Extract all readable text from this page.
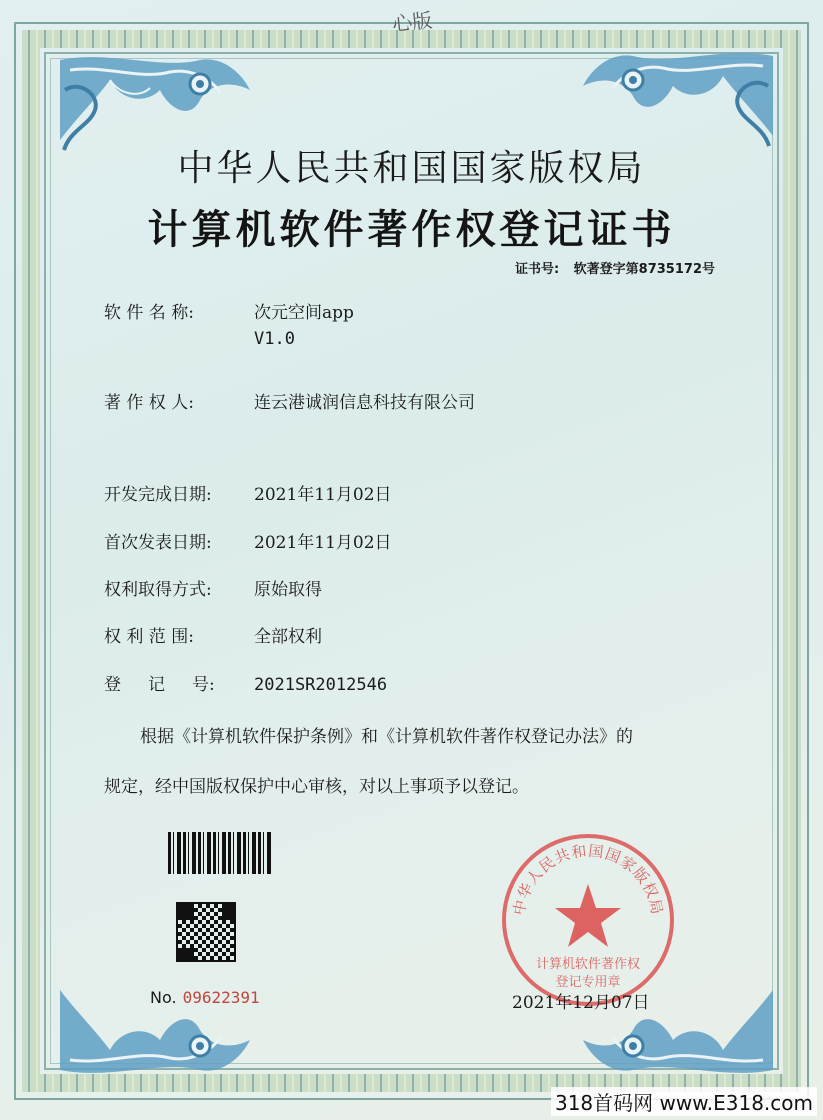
心版
中华人民共和国国家版权局
计算机软件著作权登记证书
证书号: 软著登字第8735172号
软 件 名 称:	次元空间app
V1.0
著 作 权 人:	连云港诚润信息科技有限公司
开发完成日期:	2021年11月02日
首次发表日期:	2021年11月02日
权利取得方式:	原始取得
权 利 范 围:	全部权利
登     记     号:	2021SR2012546

根据《计算机软件保护条例》和《计算机软件著作权登记办法》的

规定，经中国版权保护中心审核，对以上事项予以登记。

No. 09622391
中华人民共和国国家版权局
计算机软件著作权
登记专用章
2021年12月07日
318首码网 www.E318.com
